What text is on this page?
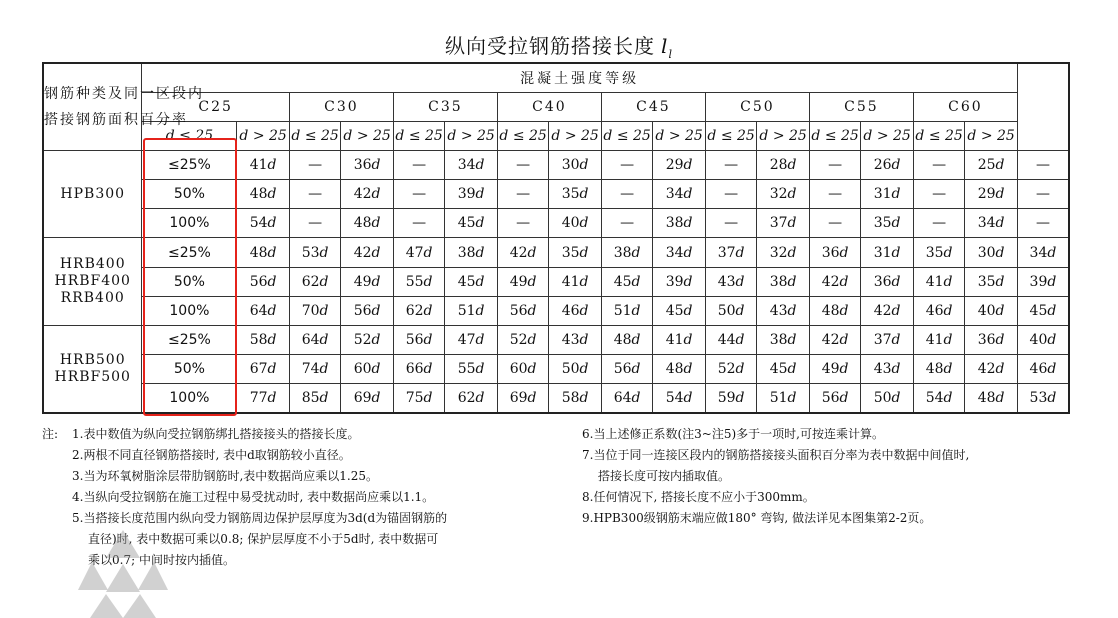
纵向受拉钢筋搭接长度 $l_l$
钢筋种类及同一区段内
搭接钢筋面积百分率	混凝土强度等级																
	C25		C30		C35		C40		C45		C50		C55		C60		
	d ≤ 25	d > 25	d ≤ 25	d > 25	d ≤ 25	d > 25	d ≤ 25	d > 25	d ≤ 25	d > 25	d ≤ 25	d > 25	d ≤ 25	d > 25	d ≤ 25	d > 25	

HPB300	≤25%	41d	—	36d	—	34d	—	30d	—	29d	—	28d	—	26d	—	25d	—
	50%	48d	—	42d	—	39d	—	35d	—	34d	—	32d	—	31d	—	29d	—
	100%	54d	—	48d	—	45d	—	40d	—	38d	—	37d	—	35d	—	34d	—

HRB400
HRBF400
RRB400	≤25%	48d	53d	42d	47d	38d	42d	35d	38d	34d	37d	32d	36d	31d	35d	30d	34d
	50%	56d	62d	49d	55d	45d	49d	41d	45d	39d	43d	38d	42d	36d	41d	35d	39d
	100%	64d	70d	56d	62d	51d	56d	46d	51d	45d	50d	43d	48d	42d	46d	40d	45d

HRB500
HRBF500	≤25%	58d	64d	52d	56d	47d	52d	43d	48d	41d	44d	38d	42d	37d	41d	36d	40d
	50%	67d	74d	60d	66d	55d	60d	50d	56d	48d	52d	45d	49d	43d	48d	42d	46d
	100%	77d	85d	69d	75d	62d	69d	58d	64d	54d	59d	51d	56d	50d	54d	48d	53d
注:	1.表中数值为纵向受拉钢筋绑扎搭接接头的搭接长度。
2.两根不同直径钢筋搭接时, 表中d取钢筋较小直径。
3.当为环氧树脂涂层带肋钢筋时,表中数据尚应乘以1.25。
4.当纵向受拉钢筋在施工过程中易受扰动时, 表中数据尚应乘以1.1。
5.当搭接长度范围内纵向受力钢筋周边保护层厚度为3d(d为锚固钢筋的
直径)时, 表中数据可乘以0.8; 保护层厚度不小于5d时, 表中数据可
乘以0.7; 中间时按内插值。
6.当上述修正系数(注3~注5)多于一项时,可按连乘计算。
7.当位于同一连接区段内的钢筋搭接接头面积百分率为表中数据中间值时,
搭接长度可按内插取值。
8.任何情况下, 搭接长度不应小于300mm。
9.HPB300级钢筋末端应做180° 弯钩, 做法详见本图集第2-2页。
